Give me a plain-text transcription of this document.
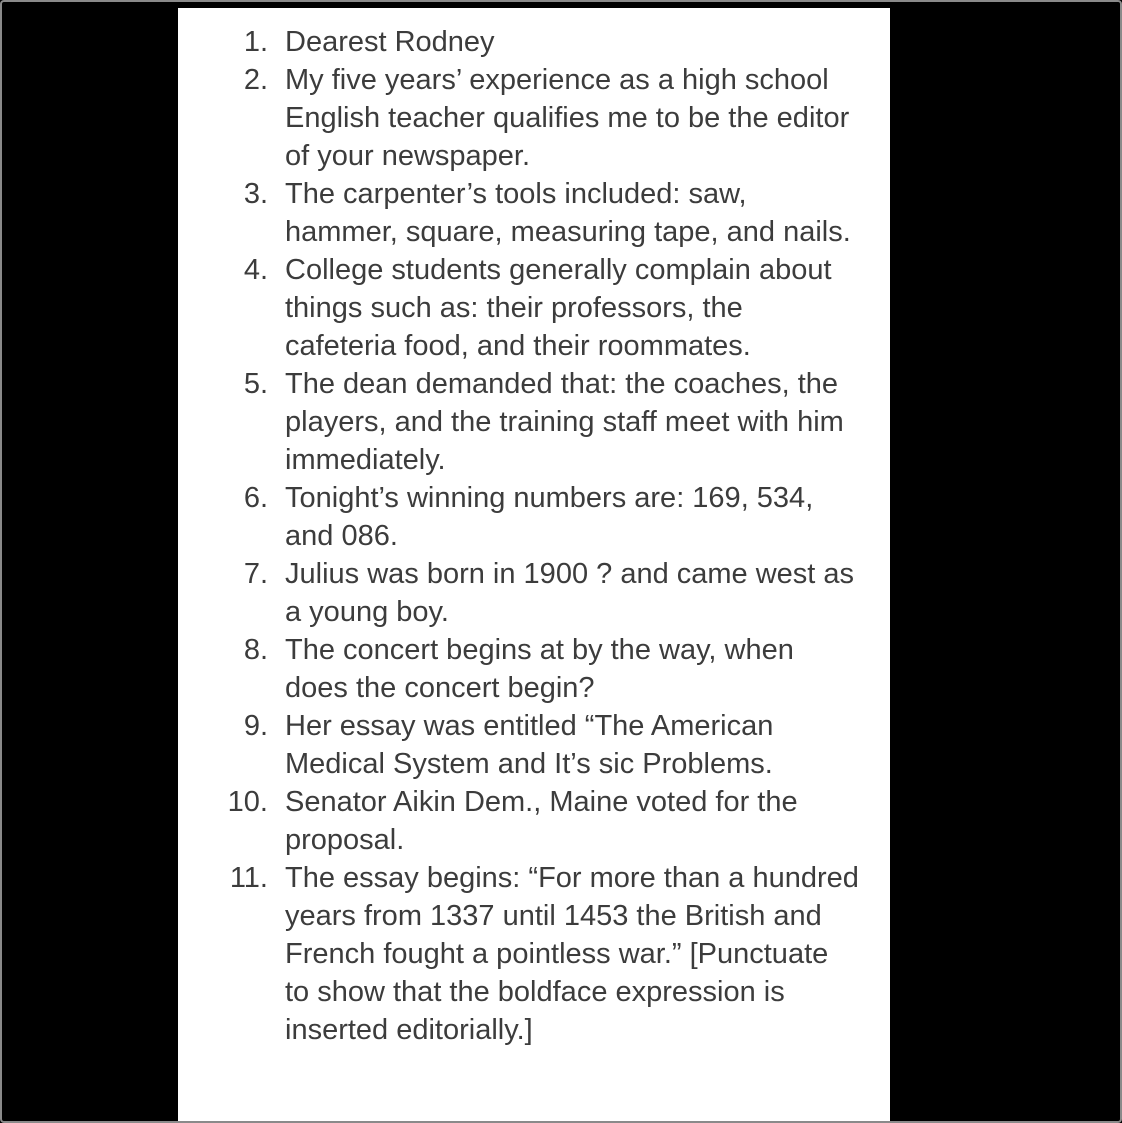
1. Dearest Rodney
2. My five years’ experience as a high school English teacher qualifies me to be the editor of your newspaper.
3. The carpenter’s tools included: saw, hammer, square, measuring tape, and nails.
4. College students generally complain about things such as: their professors, the cafeteria food, and their roommates.
5. The dean demanded that: the coaches, the players, and the training staff meet with him immediately.
6. Tonight’s winning numbers are: 169, 534, and 086.
7. Julius was born in 1900 ? and came west as a young boy.
8. The concert begins at by the way, when does the concert begin?
9. Her essay was entitled “The American Medical System and It’s sic Problems.
10. Senator Aikin Dem., Maine voted for the proposal.
11. The essay begins: “For more than a hundred years from 1337 until 1453 the British and French fought a pointless war.” [Punctuate to show that the boldface expression is inserted editorially.]
